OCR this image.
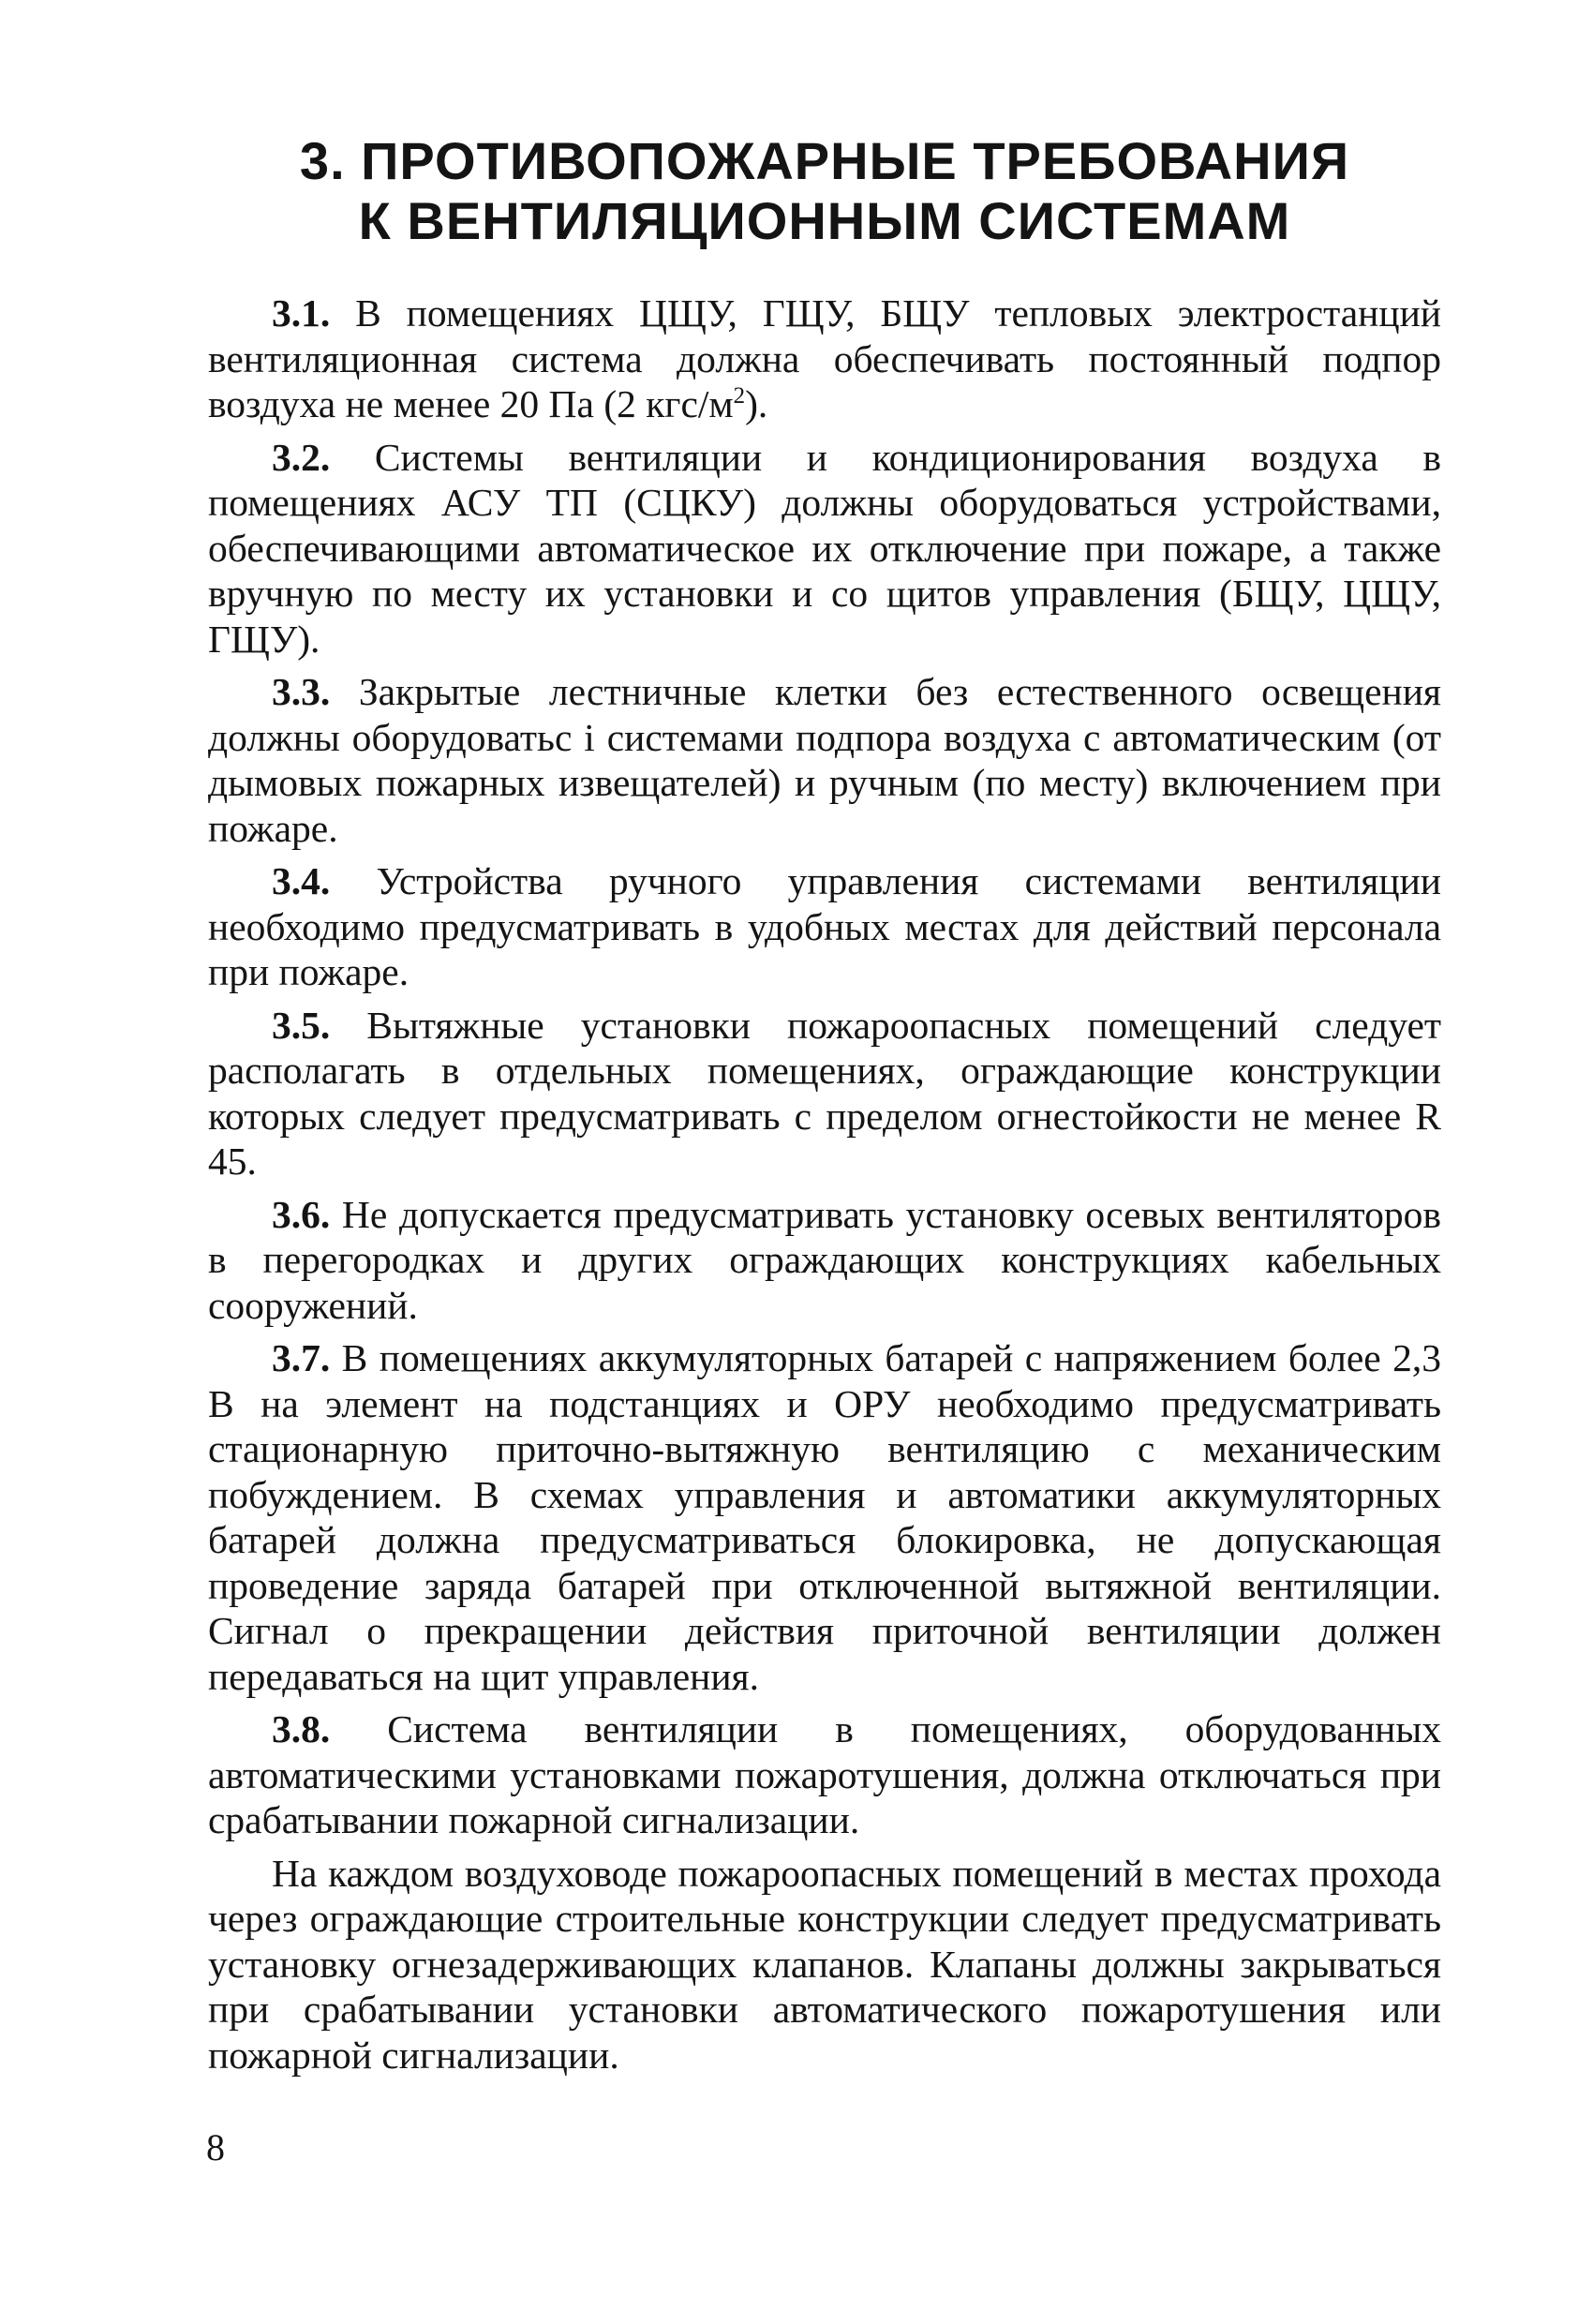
3. ПРОТИВОПОЖАРНЫЕ ТРЕБОВАНИЯ
К ВЕНТИЛЯЦИОННЫМ СИСТЕМАМ

3.1. В помещениях ЦЩУ, ГЩУ, БЩУ тепловых электростанций вентиляционная система должна обеспечивать постоянный подпор воздуха не менее 20 Па (2 кгс/$м^2$).

3.2. Системы вентиляции и кондиционирования воздуха в помещениях АСУ ТП (СЦКУ) должны оборудоваться устройствами, обеспечивающими автоматическое их отключение при пожаре, а также вручную по месту их установки и со щитов управления (БЩУ, ЦЩУ, ГЩУ).

3.3. Закрытые лестничные клетки без естественного освещения должны оборудоватьс і системами подпора воздуха с автоматическим (от дымовых пожарных извещателей) и ручным (по месту) включением при пожаре.

3.4. Устройства ручного управления системами вентиляции необходимо предусматривать в удобных местах для действий персонала при пожаре.

3.5. Вытяжные установки пожароопасных помещений следует располагать в отдельных помещениях, ограждающие конструкции которых следует предусматривать с пределом огнестойкости не менее R 45.

3.6. Не допускается предусматривать установку осевых вентиляторов в перегородках и других ограждающих конструкциях кабельных сооружений.

3.7. В помещениях аккумуляторных батарей с напряжением более 2,3 В на элемент на подстанциях и ОРУ необходимо предусматривать стационарную приточно-вытяжную вентиляцию с механическим побуждением. В схемах управления и автоматики аккумуляторных батарей должна предусматриваться блокировка, не допускающая проведение заряда батарей при отключенной вытяжной вентиляции. Сигнал о прекращении действия приточной вентиляции должен передаваться на щит управления.

3.8. Система вентиляции в помещениях, оборудованных автоматическими установками пожаротушения, должна отключаться при срабатывании пожарной сигнализации.

На каждом воздуховоде пожароопасных помещений в местах прохода через ограждающие строительные конструкции следует предусматривать установку огнезадерживающих клапанов. Клапаны должны закрываться при срабатывании установки автоматического пожаротушения или пожарной сигнализации.

8
